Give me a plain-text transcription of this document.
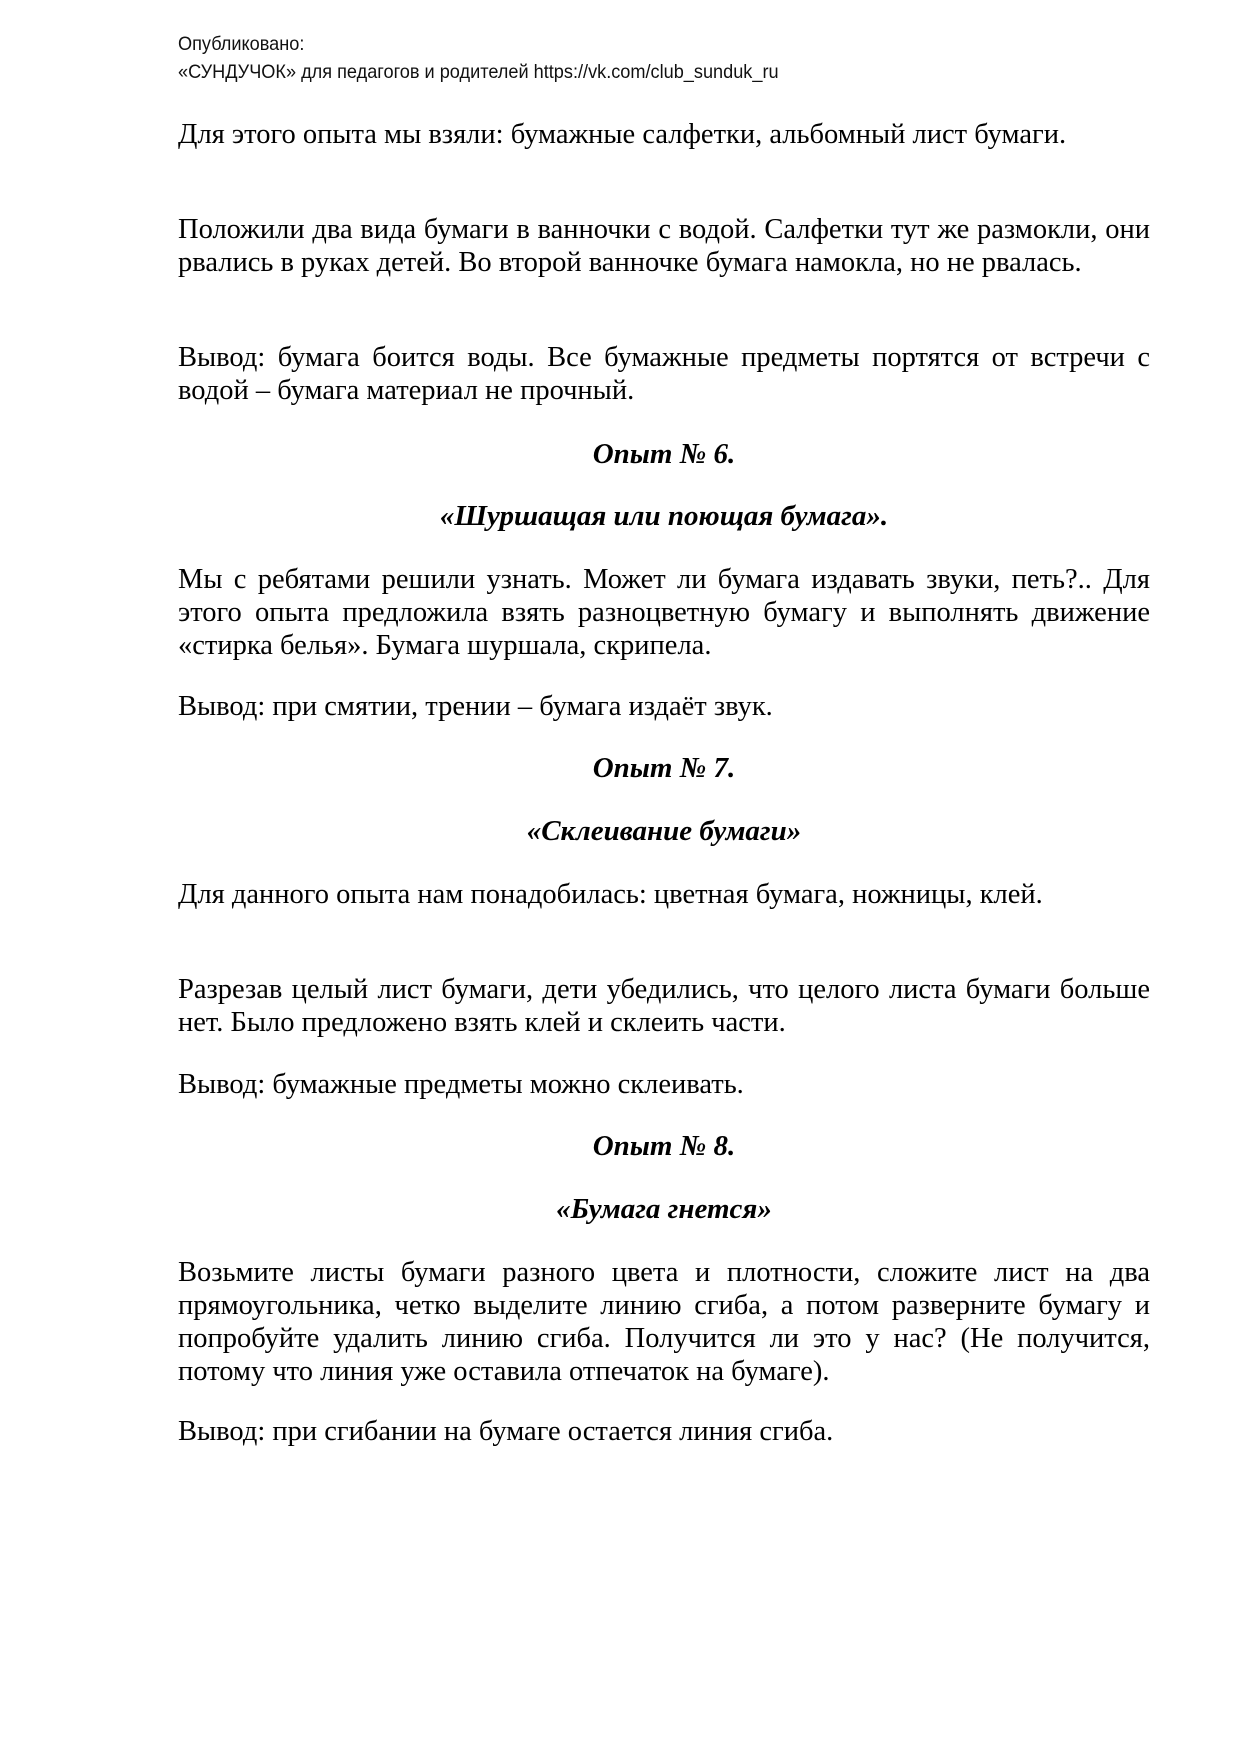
Опубликовано:
«СУНДУЧОК» для педагогов и родителей https://vk.com/club_sunduk_ru

Для этого опыта мы взяли: бумажные салфетки, альбомный лист бумаги.

Положили два вида бумаги в ванночки с водой. Салфетки тут же размокли, они рвались в руках детей. Во второй ванночке бумага намокла, но не рвалась.

Вывод: бумага боится воды. Все бумажные предметы портятся от встречи с водой – бумага материал не прочный.

Опыт № 6.
«Шуршащая или поющая бумага».

Мы с ребятами решили узнать. Может ли бумага издавать звуки, петь?.. Для этого опыта предложила взять разноцветную бумагу и выполнять движение «стирка белья». Бумага шуршала, скрипела.

Вывод: при смятии, трении – бумага издаёт звук.

Опыт № 7.
«Склеивание бумаги»

Для данного опыта нам понадобилась: цветная бумага, ножницы, клей.

Разрезав целый лист бумаги, дети убедились, что целого листа бумаги больше нет. Было предложено взять клей и склеить части.

Вывод: бумажные предметы можно склеивать.

Опыт № 8.
«Бумага гнется»

Возьмите листы бумаги разного цвета и плотности, сложите лист на два прямоугольника, четко выделите линию сгиба, а потом разверните бумагу и попробуйте удалить линию сгиба. Получится ли это у нас? (Не получится, потому что линия уже оставила отпечаток на бумаге).

Вывод: при сгибании на бумаге остается линия сгиба.
